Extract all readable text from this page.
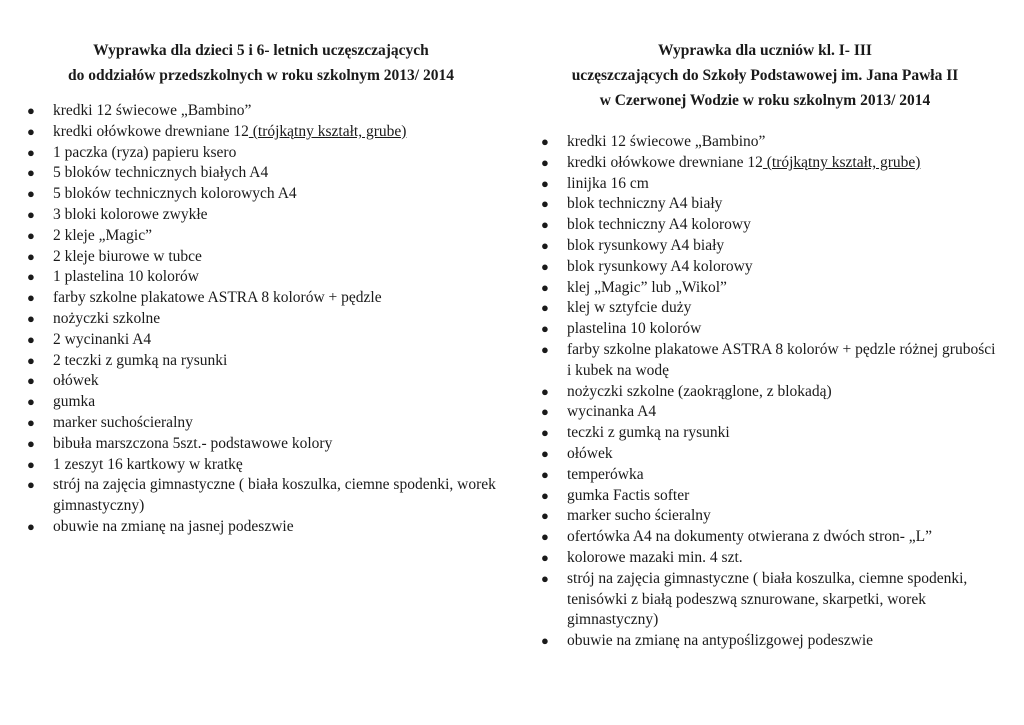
Wyprawka dla dzieci 5 i 6- letnich uczęszczających
do oddziałów przedszkolnych w roku szkolnym 2013/ 2014
● kredki 12 świecowe „Bambino”
● kredki ołówkowe drewniane 12 (trójkątny kształt, grube)
● 1 paczka (ryza) papieru ksero
● 5 bloków technicznych białych A4
● 5 bloków technicznych kolorowych A4
● 3 bloki kolorowe zwykłe
● 2 kleje „Magic”
● 2 kleje biurowe w tubce
● 1 plastelina 10 kolorów
● farby szkolne plakatowe ASTRA 8 kolorów + pędzle
● nożyczki szkolne
● 2 wycinanki A4
● 2 teczki z gumką na rysunki
● ołówek
● gumka
● marker suchościeralny
● bibuła marszczona 5szt.- podstawowe kolory
● 1 zeszyt 16 kartkowy w kratkę
● strój na zajęcia gimnastyczne ( biała koszulka, ciemne spodenki, worek gimnastyczny)
● obuwie na zmianę na jasnej podeszwie
Wyprawka dla uczniów kl. I- III
uczęszczających do Szkoły Podstawowej im. Jana Pawła II
w Czerwonej Wodzie w roku szkolnym 2013/ 2014
● kredki 12 świecowe „Bambino”
● kredki ołówkowe drewniane 12 (trójkątny kształt, grube)
● linijka 16 cm
● blok techniczny A4 biały
● blok techniczny A4 kolorowy
● blok rysunkowy A4 biały
● blok rysunkowy A4 kolorowy
● klej „Magic” lub „Wikol”
● klej w sztyfcie duży
● plastelina 10 kolorów
● farby szkolne plakatowe ASTRA 8 kolorów + pędzle różnej grubości i kubek na wodę
● nożyczki szkolne (zaokrąglone, z blokadą)
● wycinanka A4
● teczki z gumką na rysunki
● ołówek
● temperówka
● gumka Factis softer
● marker sucho ścieralny
● ofertówka A4 na dokumenty otwierana z dwóch stron- „L”
● kolorowe mazaki min. 4 szt.
● strój na zajęcia gimnastyczne ( biała koszulka, ciemne spodenki, tenisówki z białą podeszwą sznurowane, skarpetki, worek gimnastyczny)
● obuwie na zmianę na antypoślizgowej podeszwie
